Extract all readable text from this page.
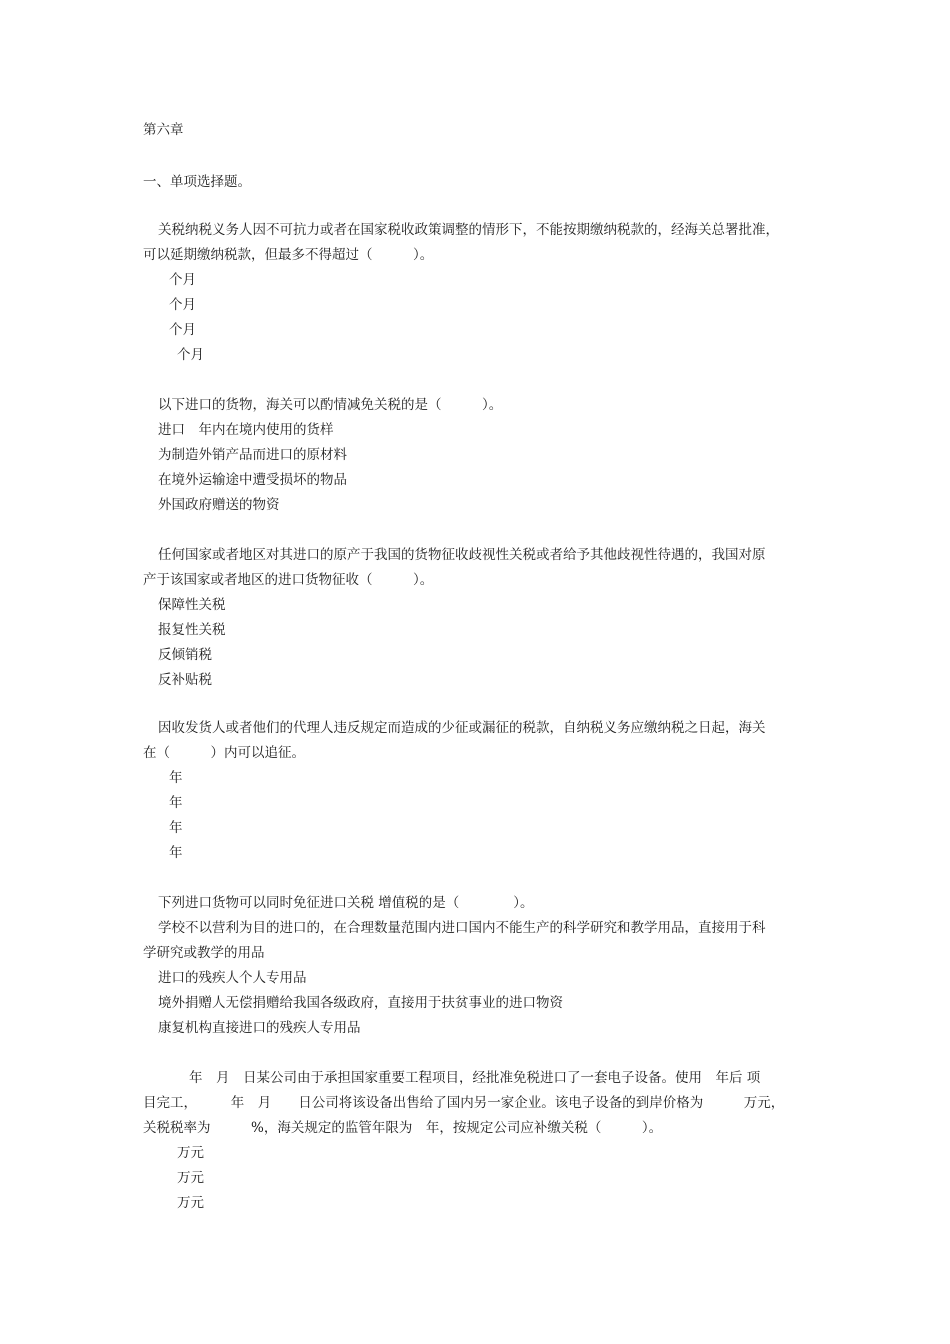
第六章
一、单项选择题。
关税纳税义务人因不可抗力或者在国家税收政策调整的情形下，不能按期缴纳税款的，经海关总署批准，
可以延期缴纳税款，但最多不得超过（　　　）。
个月
个月
个月
个月
以下进口的货物，海关可以酌情减免关税的是（　　　）。
进口　年内在境内使用的货样
为制造外销产品而进口的原材料
在境外运输途中遭受损坏的物品
外国政府赠送的物资
任何国家或者地区对其进口的原产于我国的货物征收歧视性关税或者给予其他歧视性待遇的，我国对原
产于该国家或者地区的进口货物征收（　　　）。
保障性关税
报复性关税
反倾销税
反补贴税
因收发货人或者他们的代理人违反规定而造成的少征或漏征的税款，自纳税义务应缴纳税之日起，海关
在（　　　）内可以追征。
年
年
年
年
下列进口货物可以同时免征进口关税 增值税的是（　　　　）。
学校不以营利为目的进口的，在合理数量范围内进口国内不能生产的科学研究和教学用品，直接用于科
学研究或教学的用品
进口的残疾人个人专用品
境外捐赠人无偿捐赠给我国各级政府，直接用于扶贫事业的进口物资
康复机构直接进口的残疾人专用品
　　年　月　日某公司由于承担国家重要工程项目，经批准免税进口了一套电子设备。使用　年后 项
目完工，　　　年　月　　日公司将该设备出售给了国内另一家企业。该电子设备的到岸价格为　　　万元，
关税税率为　　　%，海关规定的监管年限为　年，按规定公司应补缴关税（　　　）。
万元
万元
万元
